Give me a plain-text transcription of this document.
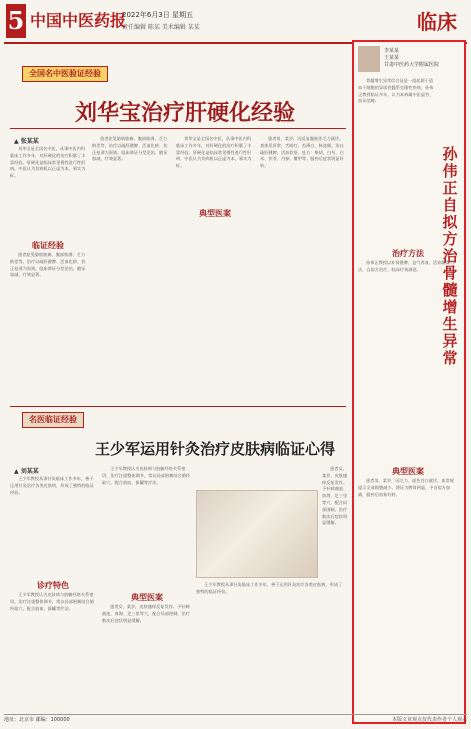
5 中国中医药报
2022年6月3日 星期五
责任编辑 陈某 美术编辑 某某	临床
全国名中医验证经验
刘华宝治疗肝硬化经验
▲ 张某某

刘华宝是全国名中医，从事中医内科临床工作多年，对肝硬化的治疗积累了丰富经验。肝硬化是临床常见慢性进行性肝病，中医认为其病机以正虚为本，邪实为标。

临证经验

患者症见胁肋胀痛、腹部胀满、乏力纳差等，治疗以疏肝健脾、活血化瘀、扶正祛邪为原则。临床辨证分型论治，随证加减，疗效显著。

患者症见胁肋胀痛、腹部胀满、乏力纳差等，治疗以疏肝健脾、活血化瘀、扶正祛邪为原则。临床辨证分型论治，随证加减，疗效显著。

刘华宝是全国名中医，从事中医内科临床工作多年，对肝硬化的治疗积累了丰富经验。肝硬化是临床常见慢性进行性肝病，中医认为其病机以正虚为本，邪实为标。

典型医案

患者男，某岁，因反复腹胀伴乏力就诊。查体见肝掌，舌暗红，苔薄白，脉弦细。治以疏肝健脾，活血软坚。处方：柴胡、白芍、白术、茯苓、丹参、鳖甲等。服药后症状明显好转。

名医临证经验
王少军运用针灸治疗皮肤病临证心得
▲ 刘某某

王少军教授从事针灸临床工作多年，善于运用针灸治疗各类皮肤病，形成了独特的临证经验。

诊疗特色

王少军教授认为皮肤病与脏腑经络关系密切，治疗注重整体调节，常以局部围刺结合循经取穴，配合放血、拔罐等疗法。

王少军教授认为皮肤病与脏腑经络关系密切，治疗注重整体调节，常以局部围刺结合循经取穴，配合放血、拔罐等疗法。

典型医案

患者女，某岁，皮肤瘙痒反复发作。予针刺曲池、血海、足三里等穴，配合局部围刺，治疗数次后症状明显缓解。

王少军教授从事针灸临床工作多年，善于运用针灸治疗各类皮肤病，形成了独特的临证经验。

患者女，某岁，皮肤瘙痒反复发作。予针刺曲池、血海、足三里等穴，配合局部围刺，治疗数次后症状明显缓解。

李某某
王某某
甘肃中医药大学附属医院

骨髓增生异常综合征是一组起源于造血干细胞的异质性髓系克隆性疾病，孙伟正教授临证多年，认为本病属中医虚劳、血证范畴。

孙伟正自拟方治骨髓增生异常
治疗方法

孙伟正教授以补肾健脾、益气养血、活血解毒为法，自拟方治疗，临床疗效满意。

典型医案

患者男，某岁，因乏力、面色苍白就诊。血常规提示全血细胞减少。辨证为脾肾两虚，予自拟方加减，服药后血象好转。

地址：北京市 邮编：100000	本版文章观点仅代表作者个人观点
